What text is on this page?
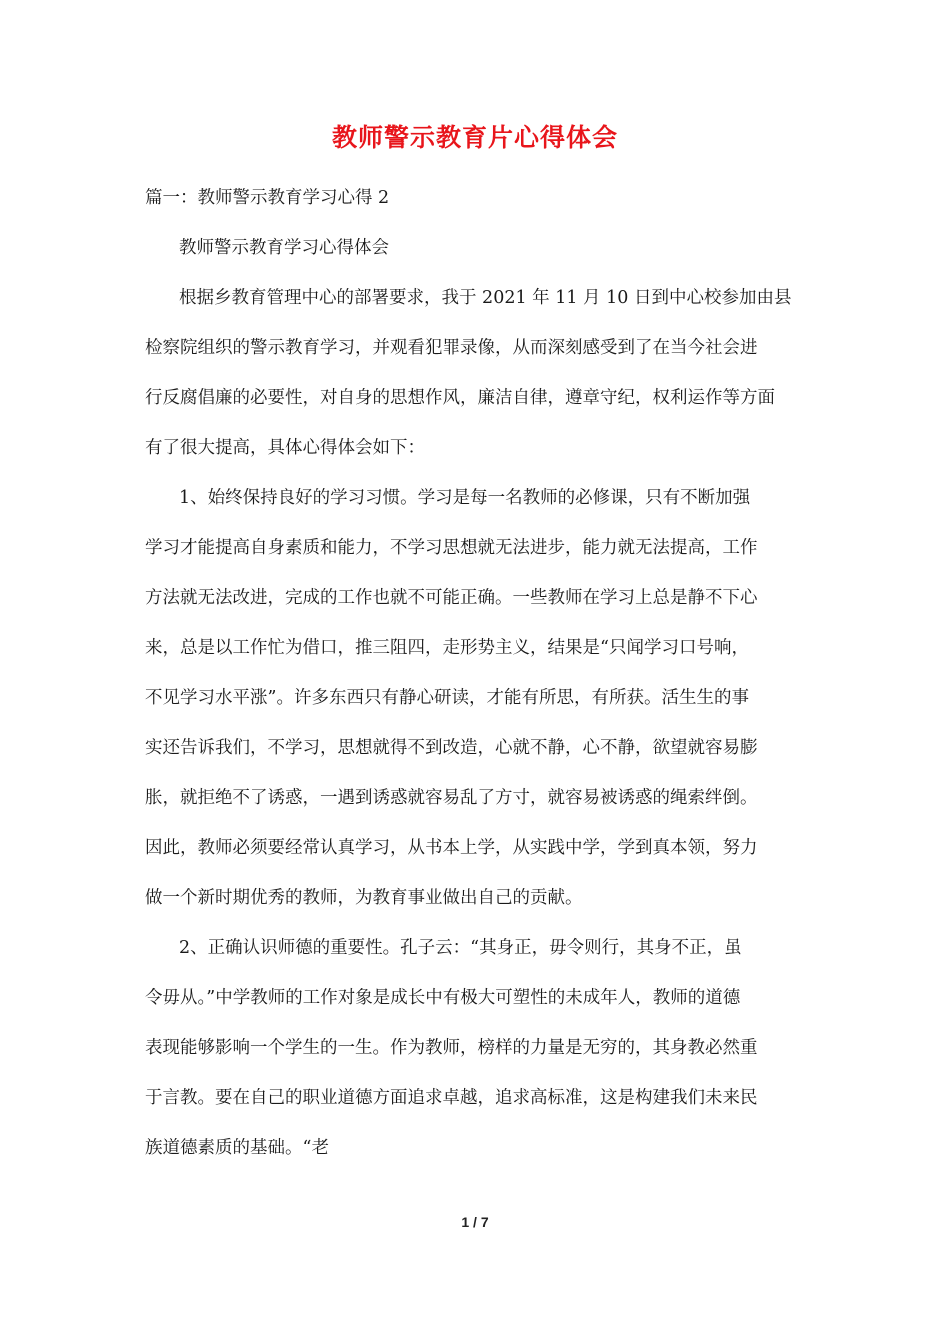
教师警示教育片心得体会
篇一：教师警示教育学习心得 2
教师警示教育学习心得体会
根据乡教育管理中心的部署要求，我于 2021 年 11 月 10 日到中心校参加由县
检察院组织的警示教育学习，并观看犯罪录像，从而深刻感受到了在当今社会进
行反腐倡廉的必要性，对自身的思想作风，廉洁自律，遵章守纪，权利运作等方面
有了很大提高，具体心得体会如下：
1、始终保持良好的学习习惯。学习是每一名教师的必修课，只有不断加强
学习才能提高自身素质和能力，不学习思想就无法进步，能力就无法提高，工作
方法就无法改进，完成的工作也就不可能正确。一些教师在学习上总是静不下心
来，总是以工作忙为借口，推三阻四，走形势主义，结果是“只闻学习口号响，
不见学习水平涨”。许多东西只有静心研读，才能有所思，有所获。活生生的事
实还告诉我们，不学习，思想就得不到改造，心就不静，心不静，欲望就容易膨
胀，就拒绝不了诱惑，一遇到诱惑就容易乱了方寸，就容易被诱惑的绳索绊倒。
因此，教师必须要经常认真学习，从书本上学，从实践中学，学到真本领，努力
做一个新时期优秀的教师，为教育事业做出自己的贡献。
2、正确认识师德的重要性。孔子云：“其身正，毋令则行，其身不正，虽
令毋从。”中学教师的工作对象是成长中有极大可塑性的未成年人，教师的道德
表现能够影响一个学生的一生。作为教师，榜样的力量是无穷的，其身教必然重
于言教。要在自己的职业道德方面追求卓越，追求高标准，这是构建我们未来民
族道德素质的基础。“老
1 / 7
